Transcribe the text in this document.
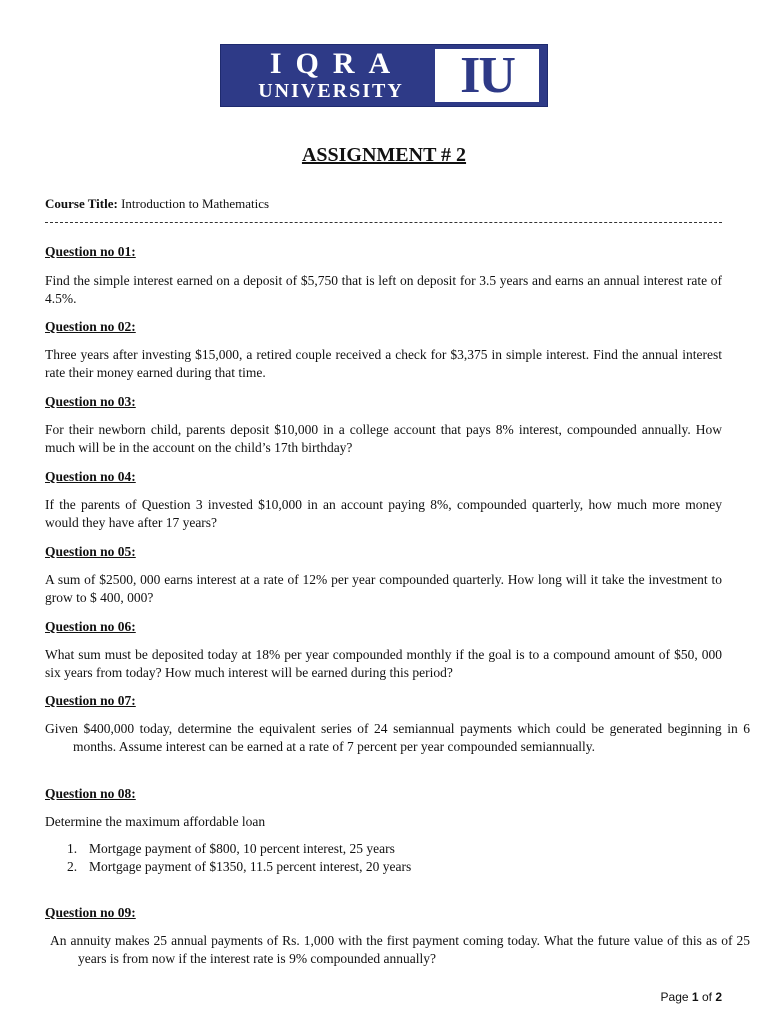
IQRA
UNIVERSITY	IU
ASSIGNMENT # 2
Course Title: Introduction to Mathematics
Question no 01:
Find the simple interest earned on a deposit of $5,750 that is left on deposit for 3.5 years and earns an annual interest rate of 4.5%.
Question no 02:
Three years after investing $15,000, a retired couple received a check for $3,375 in simple interest. Find the annual interest rate their money earned during that time.
Question no 03:
For their newborn child, parents deposit $10,000 in a college account that pays 8% interest, compounded annually. How much will be in the account on the child’s 17th birthday?
Question no 04:
If the parents of Question 3 invested $10,000 in an account paying 8%, compounded quarterly, how much more money would they have after 17 years?
Question no 05:
A sum of $2500, 000 earns interest at a rate of 12% per year compounded quarterly. How long will it take the investment to grow to $ 400, 000?
Question no 06:
What sum must be deposited today at 18% per year compounded monthly if the goal is to a compound amount of $50, 000 six years from today? How much interest will be earned during this period?
Question no 07:
Given $400,000 today, determine the equivalent series of 24 semiannual payments which could be generated beginning in 6 months. Assume interest can be earned at a rate of 7 percent per year compounded semiannually.
Question no 08:
Determine the maximum affordable loan
1. Mortgage payment of $800, 10 percent interest, 25 years
2. Mortgage payment of $1350, 11.5 percent interest, 20 years
Question no 09:
An annuity makes 25 annual payments of Rs. 1,000 with the first payment coming today. What the future value of this as of 25 years is from now if the interest rate is 9% compounded annually?
Page 1 of 2
